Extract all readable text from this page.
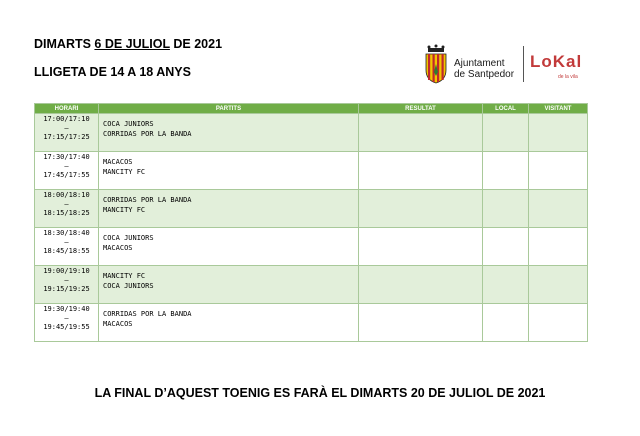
DIMARTS 6 DE JULIOL DE 2021
LLIGETA DE 14 A 18 ANYS
Ajuntament
de Santpedor
LoKal
de la vila
HORARI	PARTITS	RESULTAT	LOCAL	VISITANT

17:00/17:10
–
17:15/17:25	COCA JUNIORS
CORRIDAS POR LA BANDA			

17:30/17:40
–
17:45/17:55	MACACOS
MANCITY FC			

18:00/18:10
–
18:15/18:25	CORRIDAS POR LA BANDA
MANCITY FC			

18:30/18:40
–
18:45/18:55	COCA JUNIORS
MACACOS			

19:00/19:10
–
19:15/19:25	MANCITY FC
COCA JUNIORS			

19:30/19:40
–
19:45/19:55	CORRIDAS POR LA BANDA
MACACOS			

LA FINAL D’AQUEST TOENIG ES FARÀ EL DIMARTS 20 DE JULIOL DE 2021
